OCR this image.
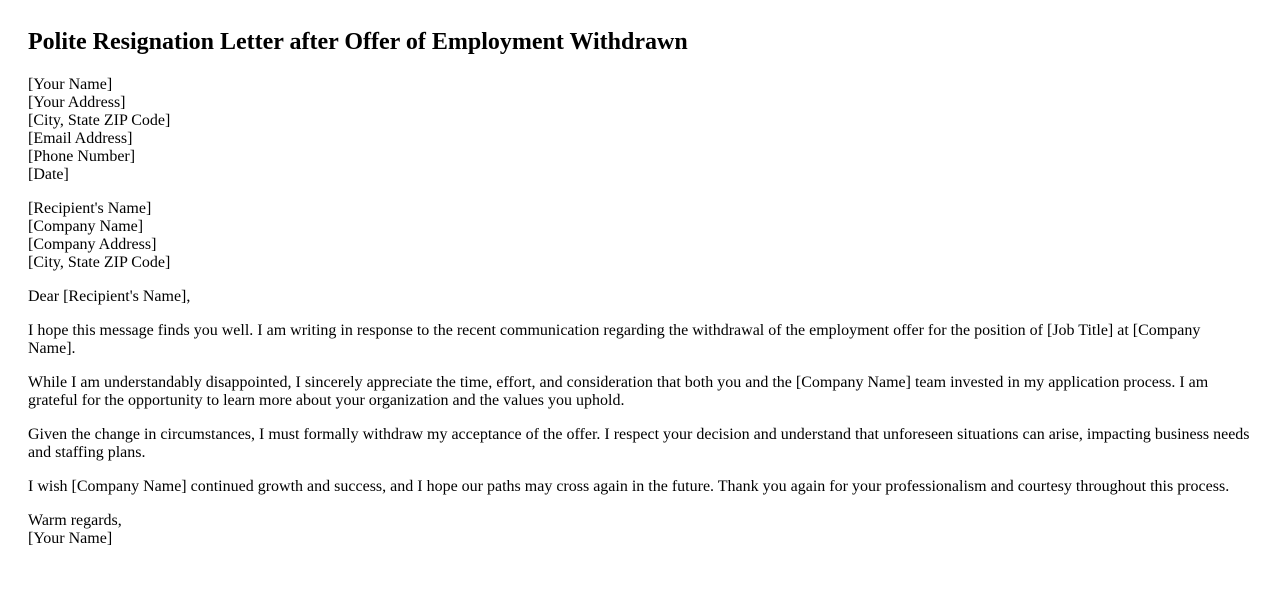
Polite Resignation Letter after Offer of Employment Withdrawn
[Your Name]
[Your Address]
[City, State ZIP Code]
[Email Address]
[Phone Number]
[Date]
[Recipient's Name]
[Company Name]
[Company Address]
[City, State ZIP Code]

Dear [Recipient's Name],

I hope this message finds you well. I am writing in response to the recent communication regarding the withdrawal of the employment offer for the position of [Job Title] at [Company Name].

While I am understandably disappointed, I sincerely appreciate the time, effort, and consideration that both you and the [Company Name] team invested in my application process. I am grateful for the opportunity to learn more about your organization and the values you uphold.

Given the change in circumstances, I must formally withdraw my acceptance of the offer. I respect your decision and understand that unforeseen situations can arise, impacting business needs and staffing plans.

I wish [Company Name] continued growth and success, and I hope our paths may cross again in the future. Thank you again for your professionalism and courtesy throughout this process.

Warm regards,
[Your Name]
